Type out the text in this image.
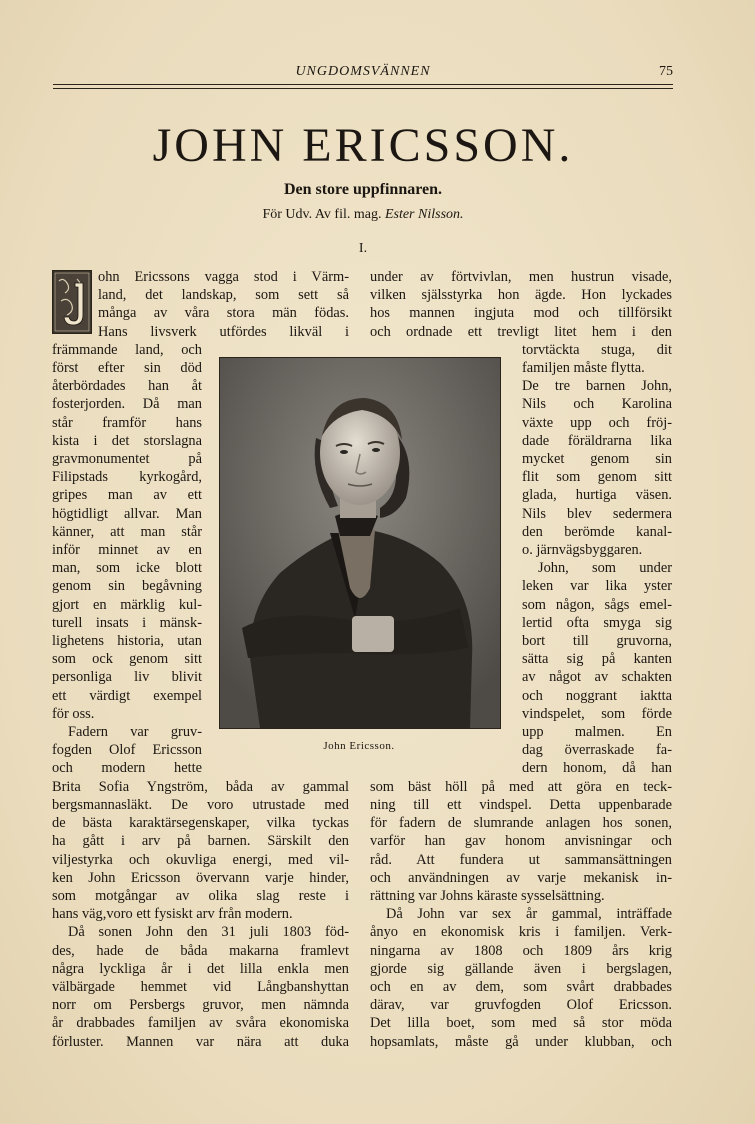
UNGDOMSVÄNNEN	75
JOHN ERICSSON.
Den store uppfinnaren.
För Udv. Av fil. mag. Ester Nilsson.
I.
ohn Ericssons vagga stod i Värm-
land, det landskap, som sett så
många av våra stora män födas.
Hans livsverk utfördes likväl i
främmande land, och
först efter sin död
återbördades han åt
fosterjorden. Då man
står framför hans
kista i det storslagna
gravmonumentet på
Filipstads kyrkogård,
gripes man av ett
högtidligt allvar. Man
känner, att man står
inför minnet av en
man, som icke blott
genom sin begåvning
gjort en märklig kul-
turell insats i mänsk-
lighetens historia, utan
som ock genom sitt
personliga liv blivit
ett värdigt exempel
för oss.
Fadern var gruv-
fogden Olof Ericsson
och modern hette
Brita Sofia Yngström, båda av gammal
bergsmannasläkt. De voro utrustade med
de bästa karaktärsegenskaper, vilka tyckas
ha gått i arv på barnen. Särskilt den
viljestyrka och okuvliga energi, med vil-
ken John Ericsson övervann varje hinder,
som motgångar av olika slag reste i
hans väg,voro ett fysiskt arv från modern.
Då sonen John den 31 juli 1803 föd-
des, hade de båda makarna framlevt
några lyckliga år i det lilla enkla men
välbärgade hemmet vid Långbanshyttan
norr om Persbergs gruvor, men nämnda
år drabbades familjen av svåra ekonomiska
förluster. Mannen var nära att duka
under av förtvivlan, men hustrun visade,
vilken själsstyrka hon ägde. Hon lyckades
hos mannen ingjuta mod och tillförsikt
och ordnade ett trevligt litet hem i den
torvtäckta stuga, dit
familjen måste flytta.
De tre barnen John,
Nils och Karolina
växte upp och fröj-
dade föräldrarna lika
mycket genom sin
flit som genom sitt
glada, hurtiga väsen.
Nils blev sedermera
den berömde kanal-
o. järnvägsbyggaren.
John, som under
leken var lika yster
som någon, sågs emel-
lertid ofta smyga sig
bort till gruvorna,
sätta sig på kanten
av något av schakten
och noggrant iaktta
vindspelet, som förde
upp malmen. En
dag överraskade fa-
dern honom, då han
som bäst höll på med att göra en teck-
ning till ett vindspel. Detta uppenbarade
för fadern de slumrande anlagen hos sonen,
varför han gav honom anvisningar och
råd. Att fundera ut sammansättningen
och användningen av varje mekanisk in-
rättning var Johns käraste sysselsättning.
Då John var sex år gammal, inträffade
ånyo en ekonomisk kris i familjen. Verk-
ningarna av 1808 och 1809 års krig
gjorde sig gällande även i bergslagen,
och en av dem, som svårt drabbades
därav, var gruvfogden Olof Ericsson.
Det lilla boet, som med så stor möda
hopsamlats, måste gå under klubban, och
John Ericsson.
